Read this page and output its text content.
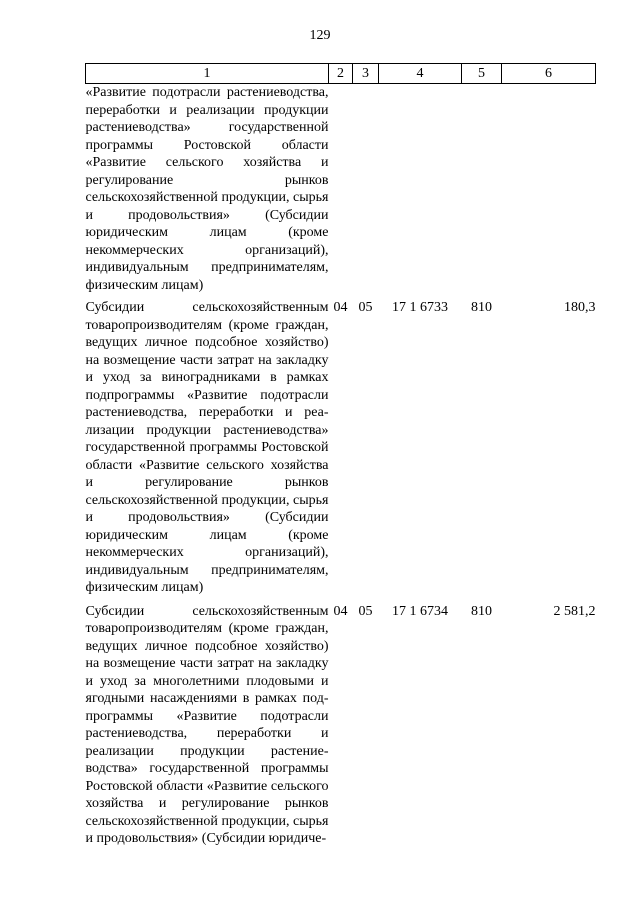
129
1	2	3	4	5	6
«Развитие подотрасли растениеводства, переработки и реализации продукции растениеводства» государственной программы Ростовской области «Развитие сельского хозяйства и регулирование рынков сельскохозяйственной продукции, сырья и продовольствия» (Субсидии юридическим лицам (кроме некоммерческих организаций), индивидуальным предпринимателям, физическим лицам)					
Субсидии сельскохозяйственным товаропроизводителям (кроме граждан, ведущих личное подсобное хозяйство) на возмещение части затрат на закладку и уход за виноградниками в рамках подпрограммы «Развитие подотрасли растениеводства, переработки и реализации продукции растениеводства» государственной программы Ростовской области «Развитие сельского хозяйства и регулирование рынков сельскохозяйственной продукции, сырья и продовольствия» (Субсидии юридическим лицам (кроме некоммерческих организаций), индивидуальным предпринимателям, физическим лицам)	04	05	17 1 6733	810	180,3
Субсидии сельскохозяйственным товаропроизводителям (кроме граждан, ведущих личное подсобное хозяйство) на возмещение части затрат на закладку и уход за многолетними плодовыми и ягодными насаждениями в рамках подпрограммы «Развитие подотрасли растениеводства, переработки и реализации продукции растениеводства» государственной программы Ростовской области «Развитие сельского хозяйства и регулирование рынков сельскохозяйственной продукции, сырья и продовольствия» (Субсидии юридиче-	04	05	17 1 6734	810	2 581,2
